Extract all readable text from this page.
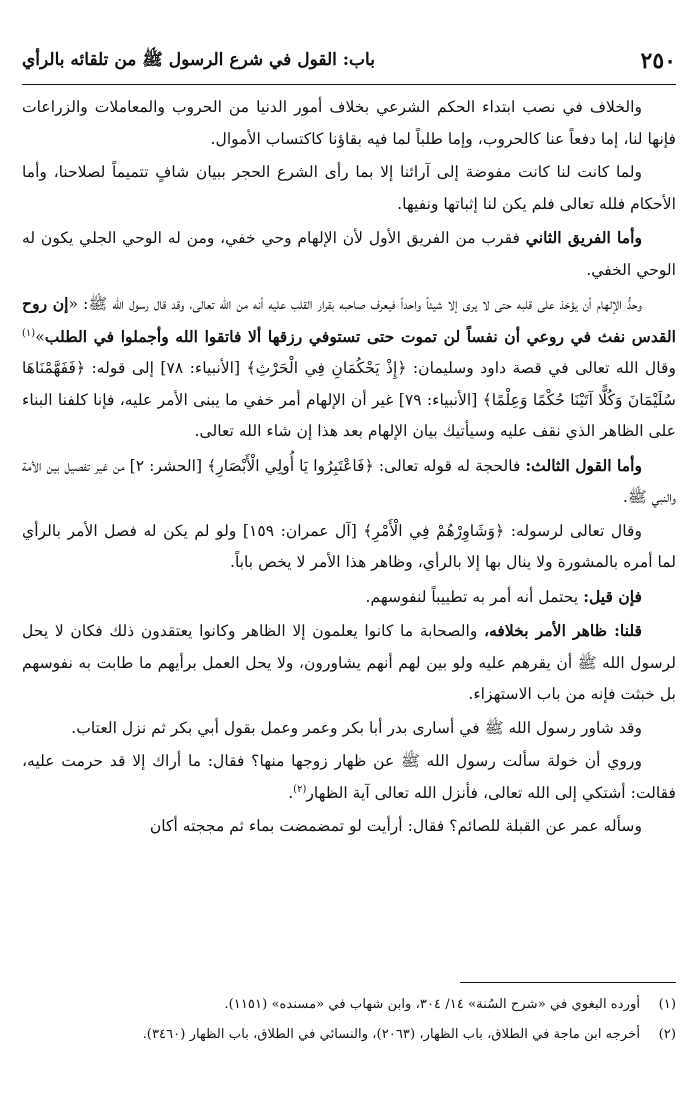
٢٥٠
باب: القول في شرع الرسول ﷺ من تلقائه بالرأي

والخلاف في نصب ابتداء الحكم الشرعي بخلاف أمور الدنيا من الحروب والمعاملات والزراعات فإنها لنا، إما دفعاً عنا كالحروب، وإما طلباً لما فيه بقاؤنا كاكتساب الأموال.

ولما كانت لنا كانت مفوضة إلى آرائنا إلا بما رأى الشرع الحجر ببيان شافٍ تتميماً لصلاحنا، وأما الأحكام فلله تعالى فلم يكن لنا إثباتها ونفيها.

وأما الفريق الثاني فقرب من الفريق الأول لأن الإلهام وحي خفي، ومن له الوحي الجلي يكون له الوحي الخفي.

وحدُّ الإلهام أن يؤخذ على قلبه حتى لا يرى إلا شيئاً واحداً فيعرف صاحبه بقرار القلب عليه أنه من الله تعالى، وقد قال رسول الله ﷺ: «إن روح القدس نفث في روعي أن نفساً لن تموت حتى تستوفي رزقها ألا فاتقوا الله وأجملوا في الطلب»$^{(١)}$ وقال الله تعالى في قصة داود وسليمان: ﴿إِذْ يَحْكُمَانِ فِي الْحَرْثِ﴾ [الأنبياء: ٧٨] إلى قوله: ﴿فَفَهَّمْنَاهَا سُلَيْمَانَ وَكُلًّا آتَيْنَا حُكْمًا وَعِلْمًا﴾ [الأنبياء: ٧٩] غير أن الإلهام أمر خفي ما يبنى الأمر عليه، فإنا كلفنا البناء على الظاهر الذي نقف عليه وسيأتيك بيان الإلهام بعد هذا إن شاء الله تعالى.

وأما القول الثالث: فالحجة له قوله تعالى: ﴿فَاعْتَبِرُوا يَا أُولِي الْأَبْصَارِ﴾ [الحشر: ٢] من غير تفصيل بين الأمة والنبي ﷺ.

وقال تعالى لرسوله: ﴿وَشَاوِرْهُمْ فِي الْأَمْرِ﴾ [آل عمران: ١٥٩] ولو لم يكن له فصل الأمر بالرأي لما أمره بالمشورة ولا ينال بها إلا بالرأي، وظاهر هذا الأمر لا يخص باباً.

فإن قيل: يحتمل أنه أمر به تطييباً لنفوسهم.

قلنا: ظاهر الأمر بخلافه، والصحابة ما كانوا يعلمون إلا الظاهر وكانوا يعتقدون ذلك فكان لا يحل لرسول الله ﷺ أن يقرهم عليه ولو بين لهم أنهم يشاورون، ولا يحل العمل برأيهم ما طابت به نفوسهم بل خبثت فإنه من باب الاستهزاء.

وقد شاور رسول الله ﷺ في أسارى بدر أبا بكر وعمر وعمل بقول أبي بكر ثم نزل العتاب.

وروي أن خولة سألت رسول الله ﷺ عن ظهار زوجها منها؟ فقال: ما أراك إلا قد حرمت عليه، فقالت: أشتكي إلى الله تعالى، فأنزل الله تعالى آية الظهار$^{(٢)}$.

وسأله عمر عن القبلة للصائم؟ فقال: أرأيت لو تمضمضت بماء ثم مججته أكان

(١)
أورده البغوي في «شرح السُنة» ١٤/ ٣٠٤، وابن شهاب في «مسنده» (١١٥١).
(٢)
أخرجه ابن ماجة في الطلاق، باب الظهار، (٢٠٦٣)، والنسائي في الطلاق، باب الظهار (٣٤٦٠).
